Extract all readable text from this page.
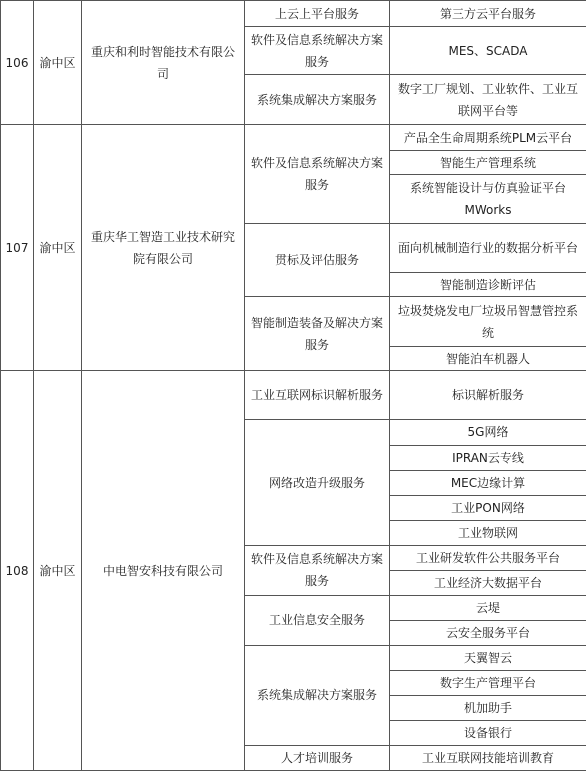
106	渝中区	重庆和利时智能技术有限公司	上云上平台服务	第三方云平台服务
			软件及信息系统解决方案服务	MES、SCADA
			系统集成解决方案服务	数字工厂规划、工业软件、工业互联网平台等
107	渝中区	重庆华工智造工业技术研究院有限公司	软件及信息系统解决方案服务	产品全生命周期系统PLM云平台
				智能生产管理系统
				系统智能设计与仿真验证平台MWorks
			贯标及评估服务	面向机械制造行业的数据分析平台
				智能制造诊断评估
			智能制造装备及解决方案服务	垃圾焚烧发电厂垃圾吊智慧管控系统
				智能泊车机器人
108	渝中区	中电智安科技有限公司	工业互联网标识解析服务	标识解析服务
			网络改造升级服务	5G网络
				IPRAN云专线
				MEC边缘计算
				工业PON网络
				工业物联网
			软件及信息系统解决方案服务	工业研发软件公共服务平台
				工业经济大数据平台
			工业信息安全服务	云堤
				云安全服务平台
			系统集成解决方案服务	天翼智云
				数字生产管理平台
				机加助手
				设备银行
			人才培训服务	工业互联网技能培训教育
